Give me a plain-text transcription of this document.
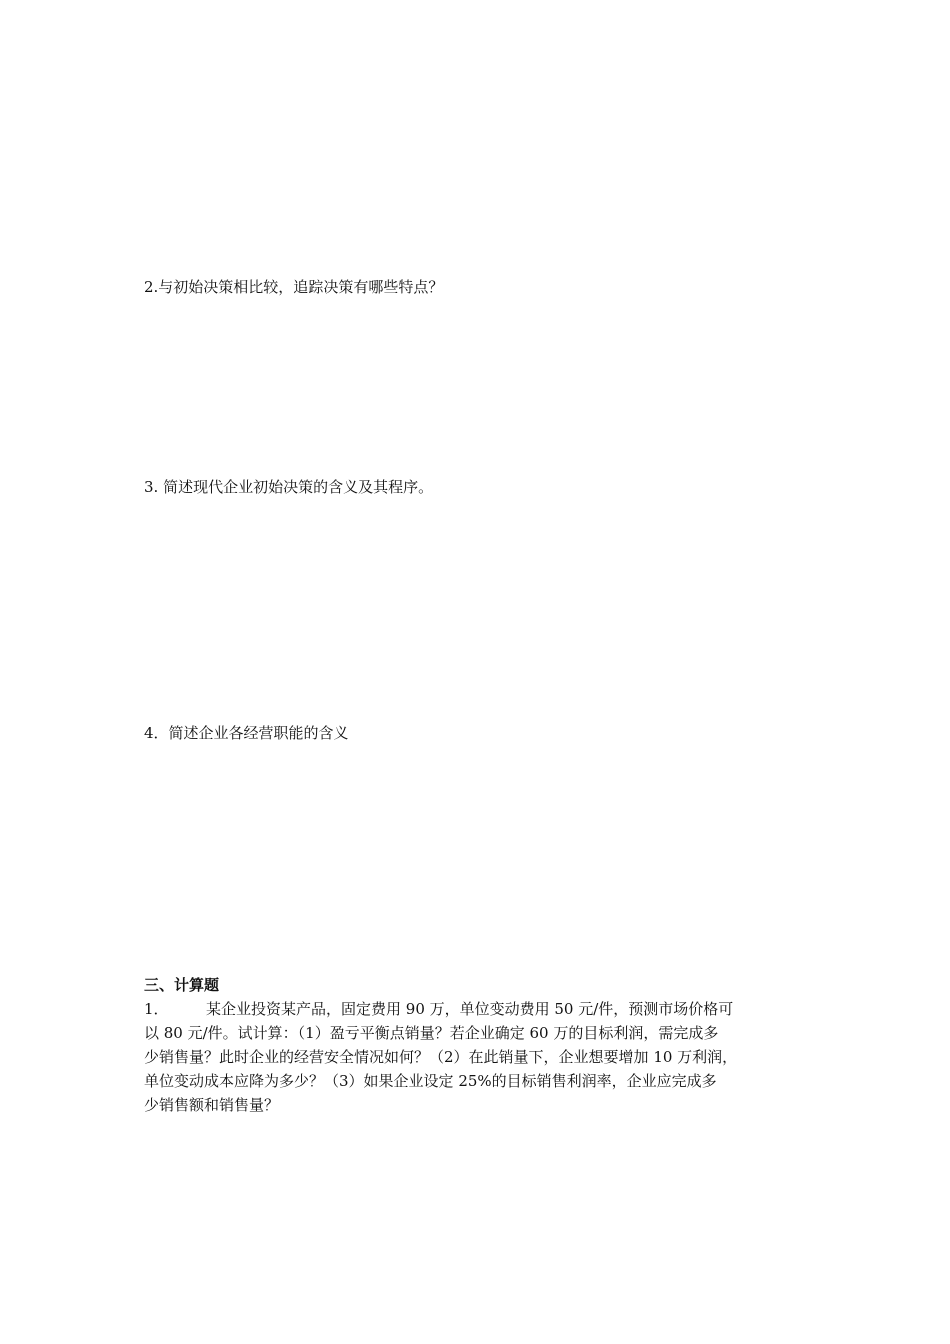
2.与初始决策相比较，追踪决策有哪些特点？
3. 简述现代企业初始决策的含义及其程序。
4．简述企业各经营职能的含义
三、计算题
1． 某企业投资某产品，固定费用 90 万，单位变动费用 50 元/件，预测市场价格可
以 80 元/件。试计算：（1）盈亏平衡点销量？若企业确定 60 万的目标利润，需完成多
少销售量？此时企业的经营安全情况如何？（2）在此销量下，企业想要增加 10 万利润，
单位变动成本应降为多少？（3）如果企业设定 25%的目标销售利润率，企业应完成多
少销售额和销售量？
